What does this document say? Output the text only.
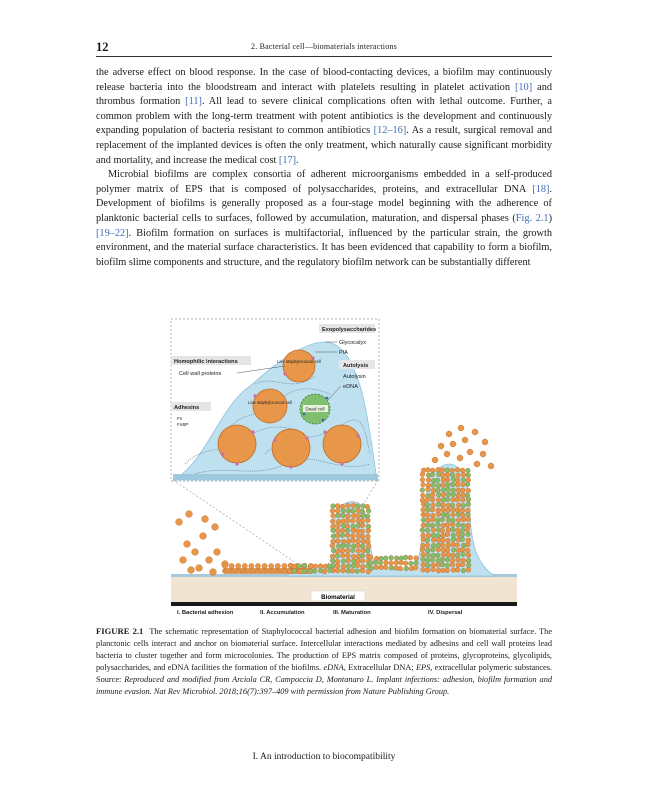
12	2. Bacterial cell—biomaterials interactions

the adverse effect on blood response. In the case of blood-contacting devices, a biofilm may continuously release bacteria into the bloodstream and interact with platelets resulting in platelet activation [10] and thrombus formation [11]. All lead to severe clinical complications often with lethal outcome. Further, a common problem with the long-term treatment with potent antibiotics is the development and continuously expanding population of bacteria resistant to common antibiotics [12–16]. As a result, surgical removal and replacement of the implanted devices is often the only treatment, which naturally cause significant morbidity and mortality, and increase the medical cost [17].

Microbial biofilms are complex consortia of adherent microorganisms embedded in a self-produced polymer matrix of EPS that is composed of polysaccharides, proteins, and extracellular DNA [18]. Development of biofilms is generally proposed as a four-stage model beginning with the adherence of planktonic bacterial cells to surfaces, followed by accumulation, maturation, and dispersal phases (Fig. 2.1) [19–22]. Biofilm formation on surfaces is multifactorial, influenced by the particular strain, the growth environment, and the material surface characteristics. It has been evidenced that capability to form a biofilm, biofilm slime components and structure, and the regulatory biofilm network can be substantially different

Exopolysaccharides
Glycocalyx
PIA
Autolysis
Autolysin
eDNA
Homophilic interactions
Cell wall proteins
Adhesins
Fn
FnBP
Live staphylococcal cell
Live staphylococcal cell
Dead cell
Biomaterial
I. Bacterial adhesion	II. Accumulation	III. Maturation	IV. Dispersal

FIGURE 2.1 The schematic representation of Staphylococcal bacterial adhesion and biofilm formation on biomaterial surface. The planctonic cells interact and anchor on biomaterial surface. Intercellular interactions mediated by adhesins and cell wall proteins lead bacteria to cluster together and form microcolonies. The production of EPS matrix composed of proteins, glycoproteins, glycolipids, polysaccharides, and eDNA facilities the formation of the biofilms. eDNA, Extracellular DNA; EPS, extracellular polymeric substances. Source: Reproduced and modified from Arciola CR, Campoccia D, Montanaro L. Implant infections: adhesion, biofilm formation and immune evasion. Nat Rev Microbiol. 2018;16(7):397–409 with permission from Nature Publishing Group.

I. An introduction to biocompatibility
